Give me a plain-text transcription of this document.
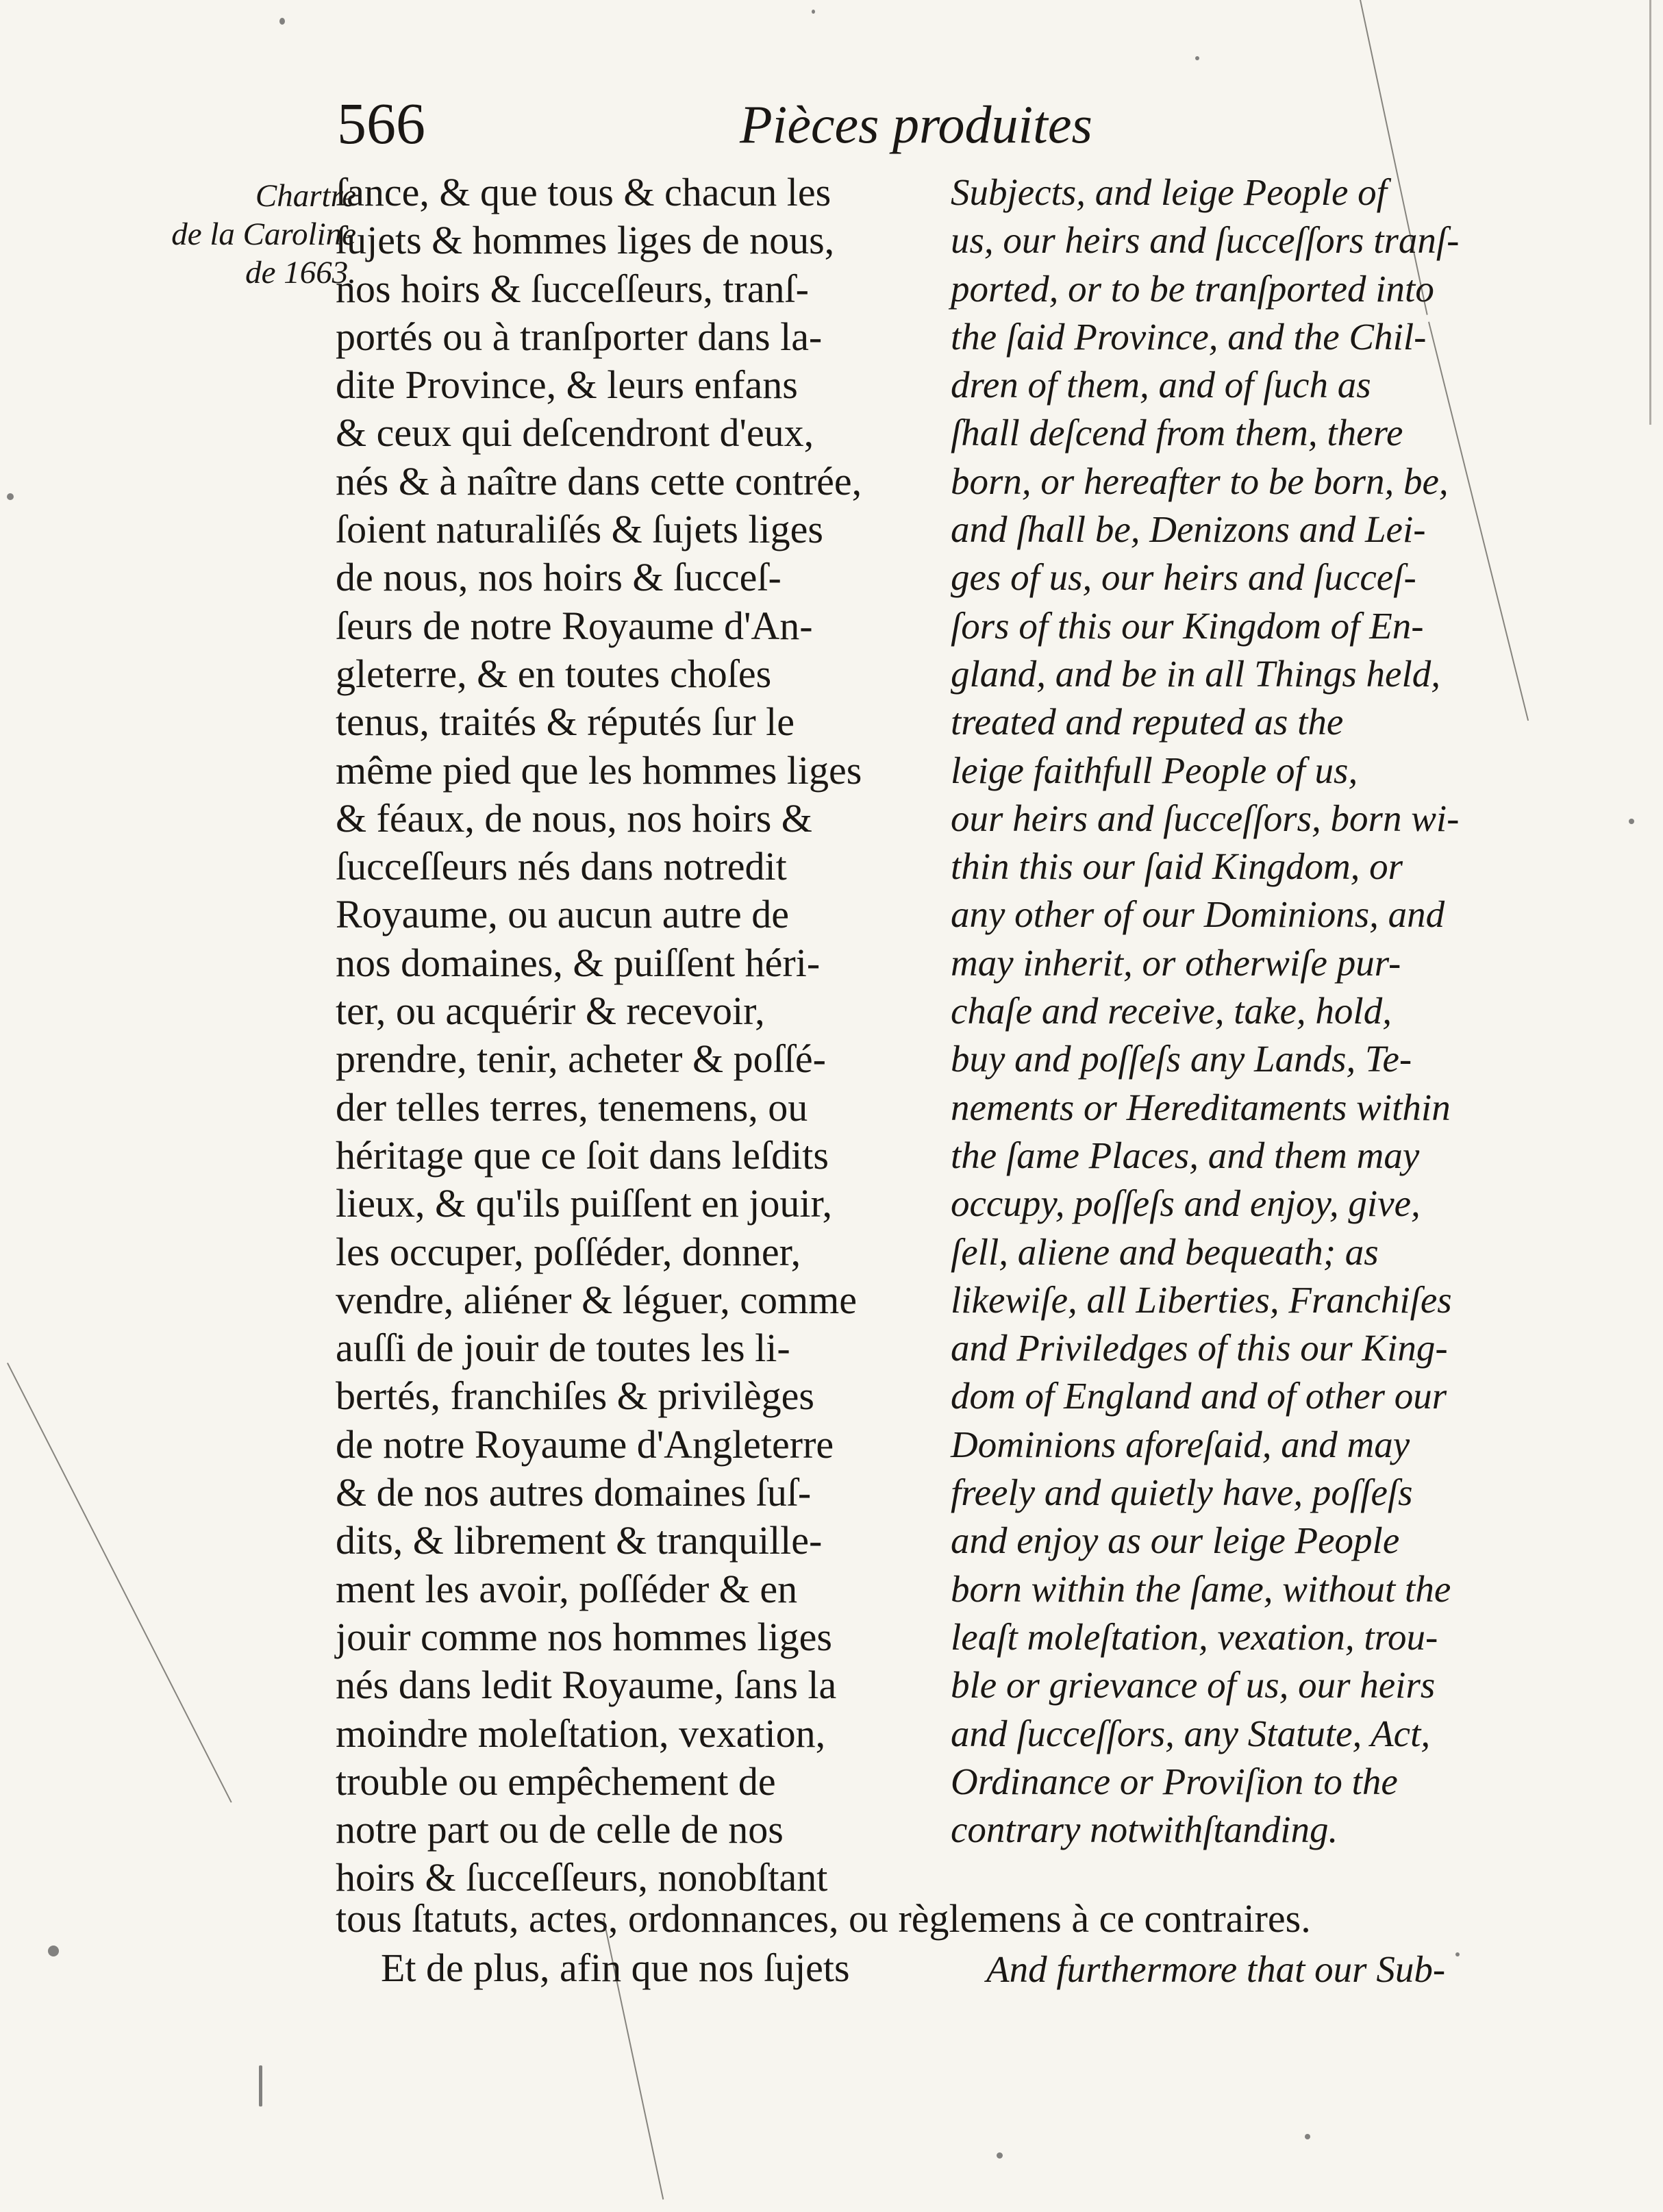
566	Pièces produites
Chartre
de la Caroline
de 1663.
ſance, & que tous & chacun les
ſujets & hommes liges de nous,
nos hoirs & ſucceſſeurs, tranſ-
portés ou à tranſporter dans la-
dite Province, & leurs enfans
& ceux qui deſcendront d'eux,
nés & à naître dans cette contrée,
ſoient naturaliſés & ſujets liges
de nous, nos hoirs & ſucceſ-
ſeurs de notre Royaume d'An-
gleterre, & en toutes choſes
tenus, traités & réputés ſur le
même pied que les hommes liges
& féaux, de nous, nos hoirs &
ſucceſſeurs nés dans notredit
Royaume, ou aucun autre de
nos domaines, & puiſſent héri-
ter, ou acquérir & recevoir,
prendre, tenir, acheter & poſſé-
der telles terres, tenemens, ou
héritage que ce ſoit dans leſdits
lieux, & qu'ils puiſſent en jouir,
les occuper, poſſéder, donner,
vendre, aliéner & léguer, comme
auſſi de jouir de toutes les li-
bertés, franchiſes & privilèges
de notre Royaume d'Angleterre
& de nos autres domaines ſuſ-
dits, & librement & tranquille-
ment les avoir, poſſéder & en
jouir comme nos hommes liges
nés dans ledit Royaume, ſans la
moindre moleſtation, vexation,
trouble ou empêchement de
notre part ou de celle de nos
hoirs & ſucceſſeurs, nonobſtant
Subjects, and leige People of
us, our heirs and ſucceſſors tranſ-
ported, or to be tranſported into
the ſaid Province, and the Chil-
dren of them, and of ſuch as
ſhall deſcend from them, there
born, or hereafter to be born, be,
and ſhall be, Denizons and Lei-
ges of us, our heirs and ſucceſ-
ſors of this our Kingdom of En-
gland, and be in all Things held,
treated and reputed as the
leige faithfull People of us,
our heirs and ſucceſſors, born wi-
thin this our ſaid Kingdom, or
any other of our Dominions, and
may inherit, or otherwiſe pur-
chaſe and receive, take, hold,
buy and poſſeſs any Lands, Te-
nements or Hereditaments within
the ſame Places, and them may
occupy, poſſeſs and enjoy, give,
ſell, aliene and bequeath; as
likewiſe, all Liberties, Franchiſes
and Priviledges of this our King-
dom of England and of other our
Dominions aforeſaid, and may
freely and quietly have, poſſeſs
and enjoy as our leige People
born within the ſame, without the
leaſt moleſtation, vexation, trou-
ble or grievance of us, our heirs
and ſucceſſors, any Statute, Act,
Ordinance or Proviſion to the
contrary notwithſtanding.
tous ſtatuts, actes, ordonnances, ou règlemens à ce contraires.
Et de plus, afin que nos ſujets	And furthermore that our Sub-
